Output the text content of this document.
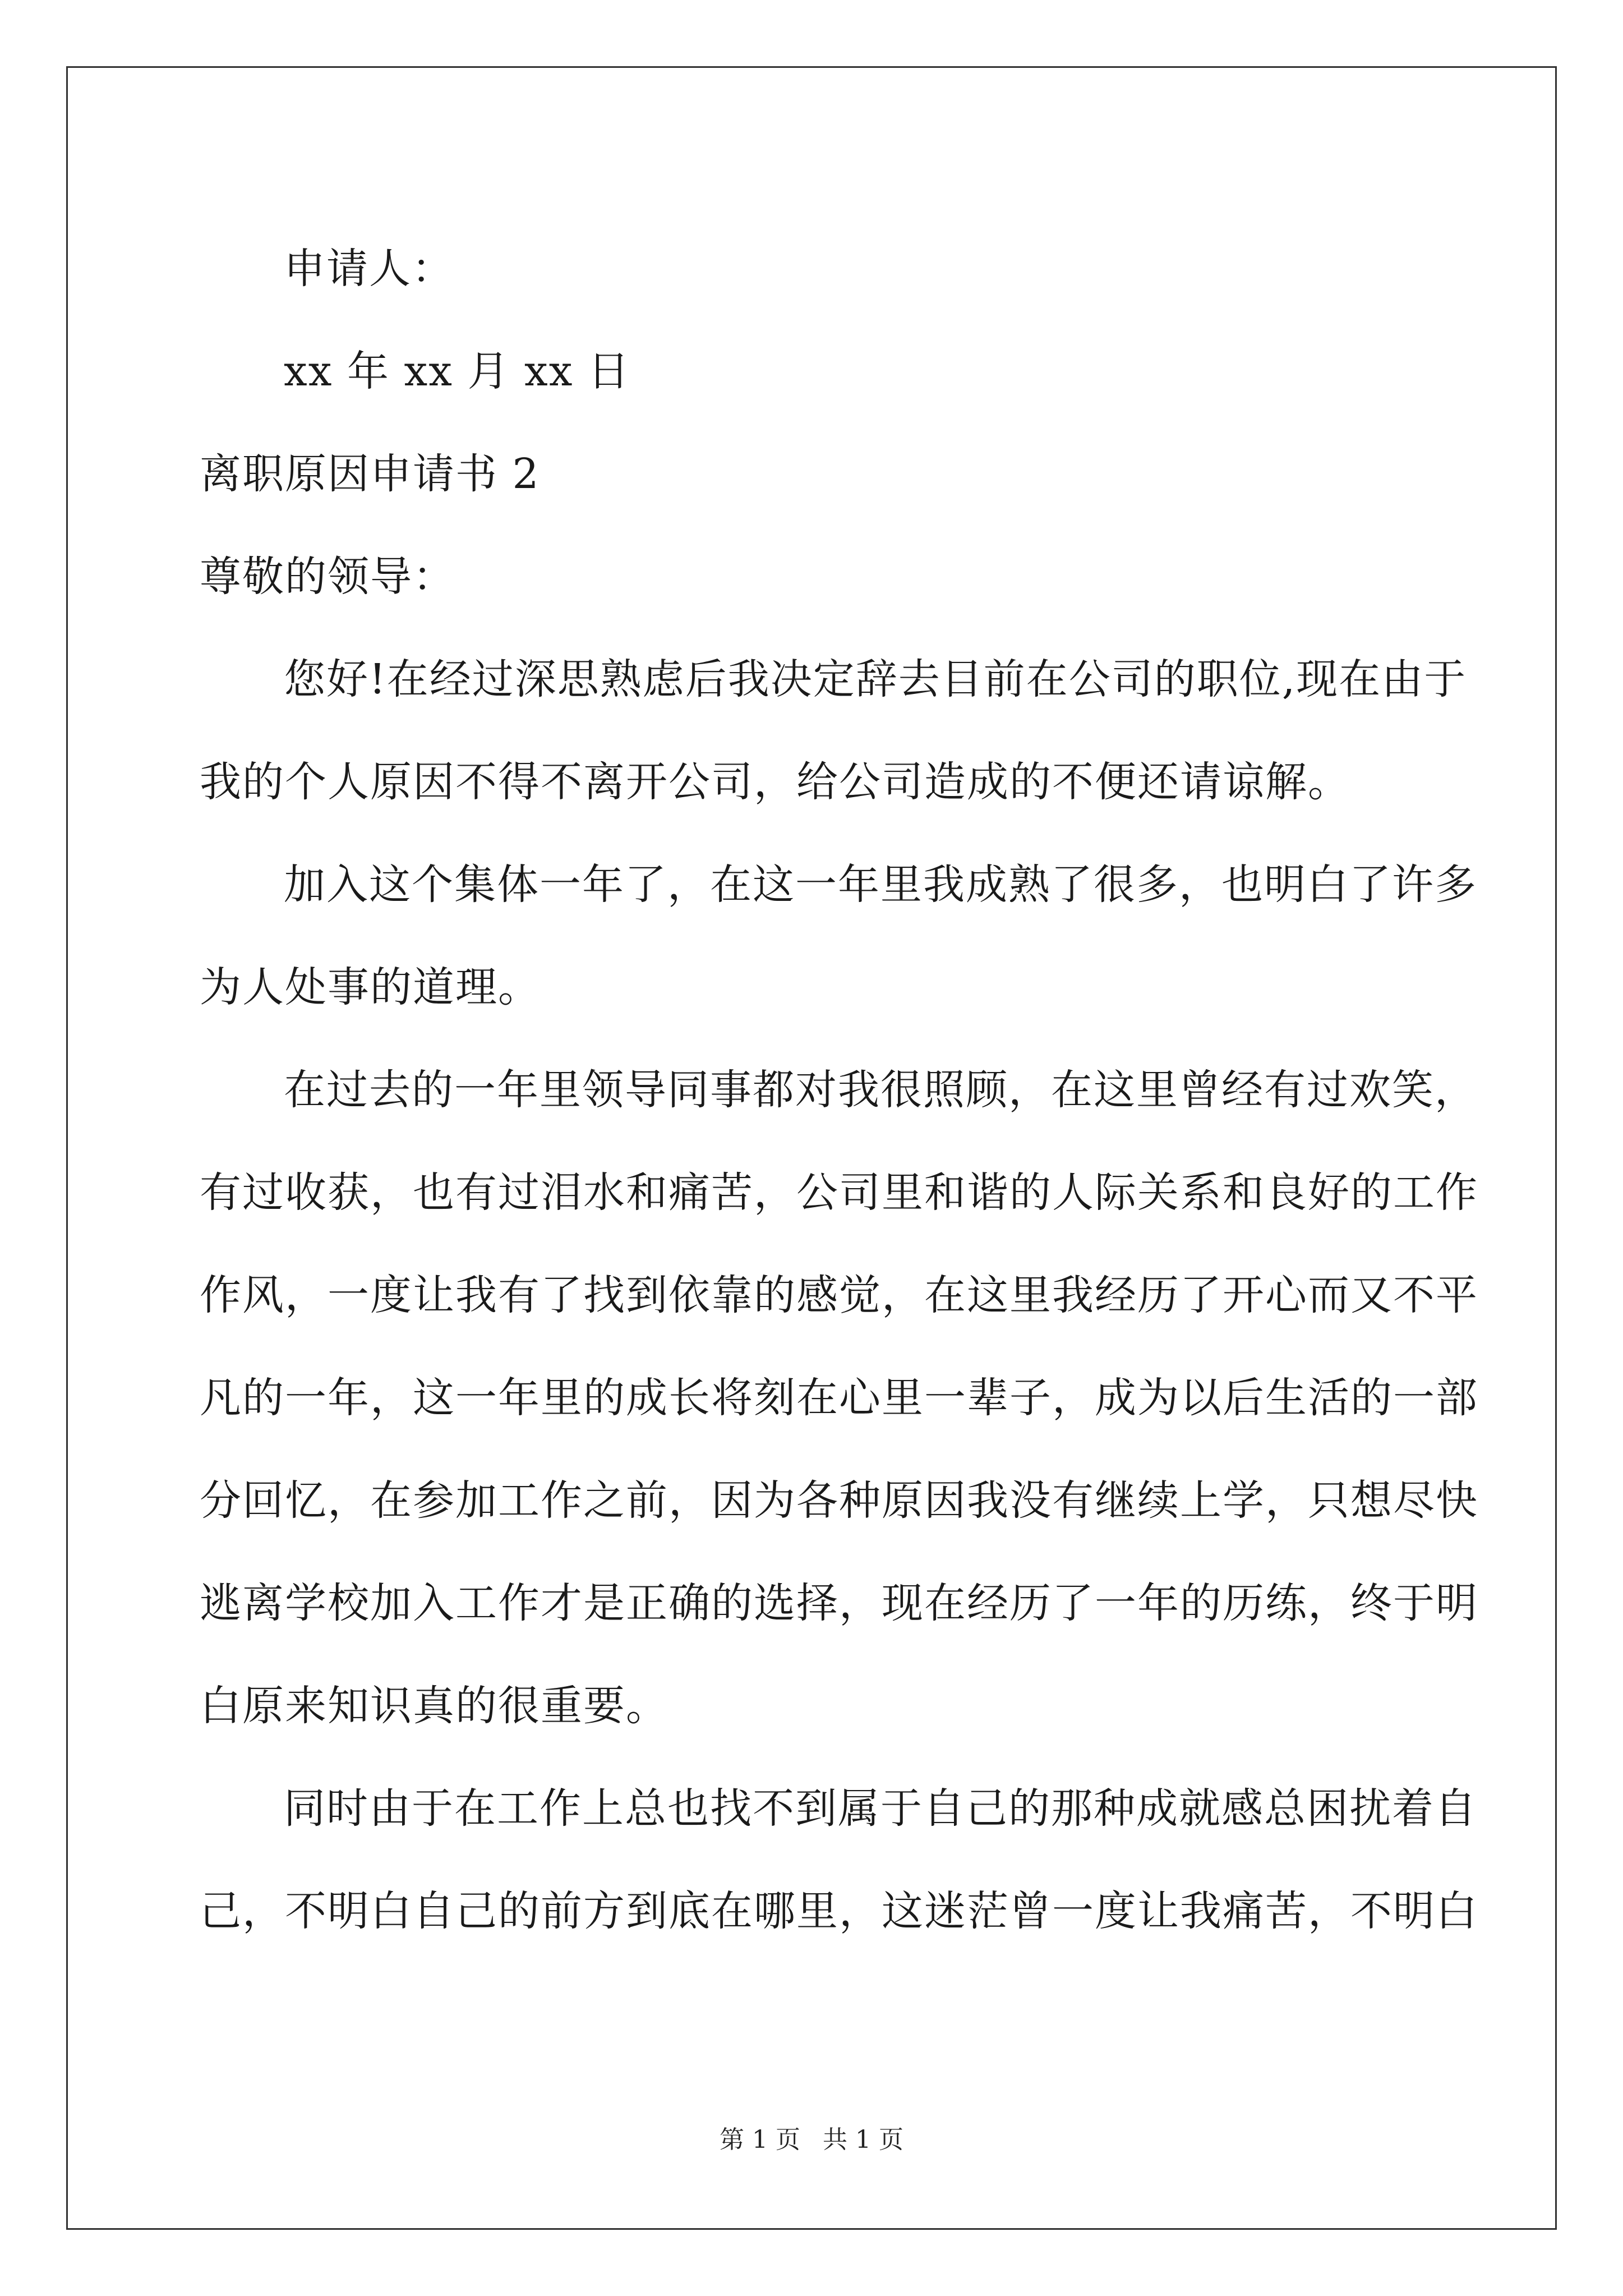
申请人：
xx 年 xx 月 xx 日
离职原因申请书 2
尊敬的领导：
您好!在经过深思熟虑后我决定辞去目前在公司的职位,现在由于
我的个人原因不得不离开公司，给公司造成的不便还请谅解。
加入这个集体一年了，在这一年里我成熟了很多，也明白了许多
为人处事的道理。
在过去的一年里领导同事都对我很照顾，在这里曾经有过欢笑，
有过收获，也有过泪水和痛苦，公司里和谐的人际关系和良好的工作
作风，一度让我有了找到依靠的感觉，在这里我经历了开心而又不平
凡的一年，这一年里的成长将刻在心里一辈子，成为以后生活的一部
分回忆，在参加工作之前，因为各种原因我没有继续上学，只想尽快
逃离学校加入工作才是正确的选择，现在经历了一年的历练，终于明
白原来知识真的很重要。
同时由于在工作上总也找不到属于自己的那种成就感总困扰着自
己，不明白自己的前方到底在哪里，这迷茫曾一度让我痛苦，不明白
第 1 页 共 1 页
